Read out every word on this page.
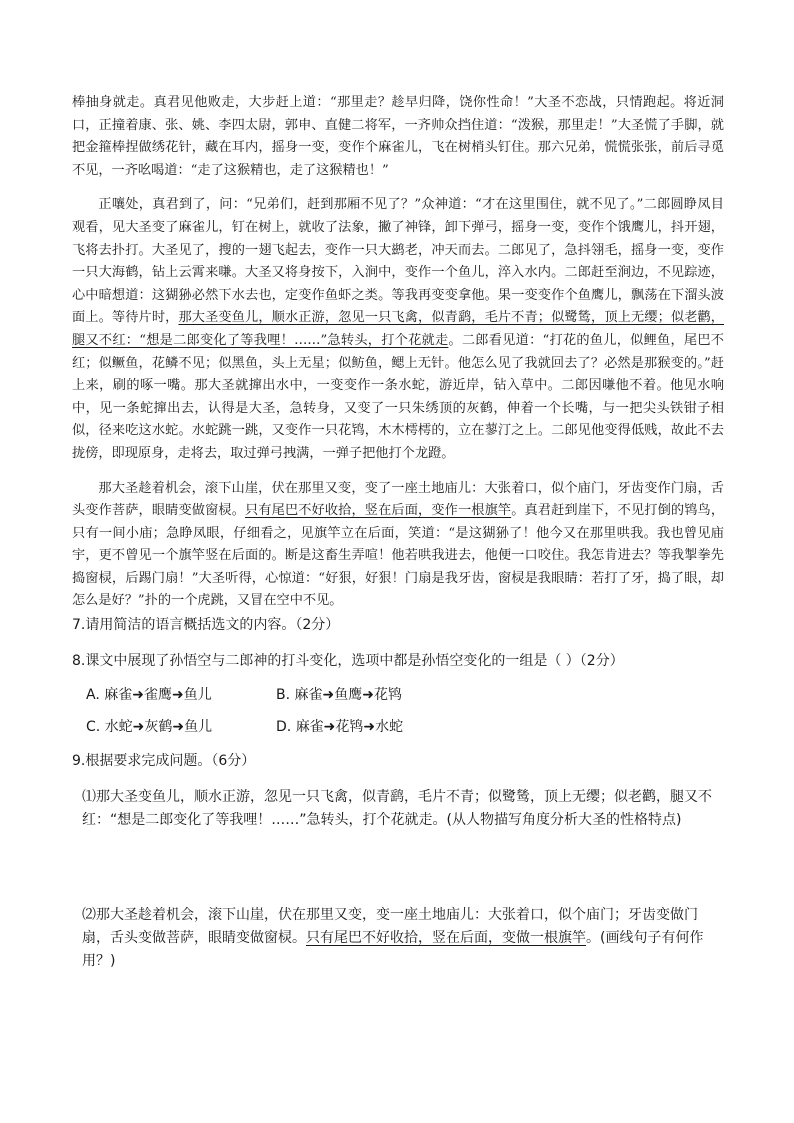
棒抽身就走。真君见他败走，大步赶上道：“那里走？趁早归降，饶你性命！”大圣不恋战，只情跑起。将近洞口，正撞着康、张、姚、李四太尉，郭申、直健二将军，一齐帅众挡住道：“泼猴，那里走！”大圣慌了手脚，就把金箍棒捏做绣花针，藏在耳内，摇身一变，变作个麻雀儿，飞在树梢头钉住。那六兄弟，慌慌张张，前后寻觅不见，一齐吆喝道：“走了这猴精也，走了这猴精也！”

正嚷处，真君到了，问：“兄弟们，赶到那厢不见了？”众神道：“才在这里围住，就不见了。”二郎圆睁凤目观看，见大圣变了麻雀儿，钉在树上，就收了法象，撇了神锋，卸下弹弓，摇身一变，变作个饿鹰儿，抖开翅，飞将去扑打。大圣见了，搜的一翅飞起去，变作一只大鹚老，冲天而去。二郎见了，急抖翎毛，摇身一变，变作一只大海鹤，钻上云霄来嗛。大圣又将身按下，入涧中，变作一个鱼儿，淬入水内。二郎赶至涧边，不见踪迹，心中暗想道：这猢狲必然下水去也，定变作鱼虾之类。等我再变变拿他。果一变变作个鱼鹰儿，飘荡在下溜头波面上。等待片时，那大圣变鱼儿，顺水正游，忽见一只飞禽，似青鹞，毛片不青；似鹭鸶，顶上无缨；似老鹳，腿又不红：“想是二郎变化了等我哩！……”急转头，打个花就走。二郎看见道：“打花的鱼儿，似鲤鱼，尾巴不红；似鳜鱼，花鳞不见；似黑鱼，头上无星；似鲂鱼，鳃上无针。他怎么见了我就回去了？必然是那猴变的。”赶上来，刷的啄一嘴。那大圣就撺出水中，一变变作一条水蛇，游近岸，钻入草中。二郎因嗛他不着。他见水响中，见一条蛇撺出去，认得是大圣，急转身，又变了一只朱绣顶的灰鹤，伸着一个长嘴，与一把尖头铁钳子相似，径来吃这水蛇。水蛇跳一跳，又变作一只花鸨，木木樗樗的，立在蓼汀之上。二郎见他变得低贱，故此不去拢傍，即现原身，走将去，取过弹弓拽满，一弹子把他打个龙蹬。

那大圣趁着机会，滚下山崖，伏在那里又变，变了一座土地庙儿：大张着口，似个庙门，牙齿变作门扇，舌头变作菩萨，眼睛变做窗棂。只有尾巴不好收拾，竖在后面，变作一根旗竿。真君赶到崖下，不见打倒的鸨鸟，只有一间小庙；急睁凤眼，仔细看之，见旗竿立在后面，笑道：“是这猢狲了！他今又在那里哄我。我也曾见庙宇，更不曾见一个旗竿竖在后面的。断是这畜生弄喧！他若哄我进去，他便一口咬住。我怎肯进去？等我掣拳先捣窗棂，后踢门扇！”大圣听得，心惊道：“好狠，好狠！门扇是我牙齿，窗棂是我眼睛：若打了牙，捣了眼，却怎么是好？”扑的一个虎跳，又冒在空中不见。

7.请用简洁的语言概括选文的内容。（2分）

8.课文中展现了孙悟空与二郎神的打斗变化，选项中都是孙悟空变化的一组是（ ）（2分）

A. 麻雀➜雀鹰➜鱼儿	B. 麻雀➜鱼鹰➜花鸨
C. 水蛇➜灰鹤➜鱼儿	D. 麻雀➜花鸨➜水蛇

9.根据要求完成问题。（6分）

⑴那大圣变鱼儿，顺水正游，忽见一只飞禽，似青鹞，毛片不青；似鹭鸶，顶上无缨；似老鹳，腿又不红：“想是二郎变化了等我哩！……”急转头，打个花就走。(从人物描写角度分析大圣的性格特点)

⑵那大圣趁着机会，滚下山崖，伏在那里又变，变一座土地庙儿：大张着口，似个庙门；牙齿变做门扇，舌头变做菩萨，眼睛变做窗棂。只有尾巴不好收拾，竖在后面，变做一根旗竿。(画线句子有何作用？)
